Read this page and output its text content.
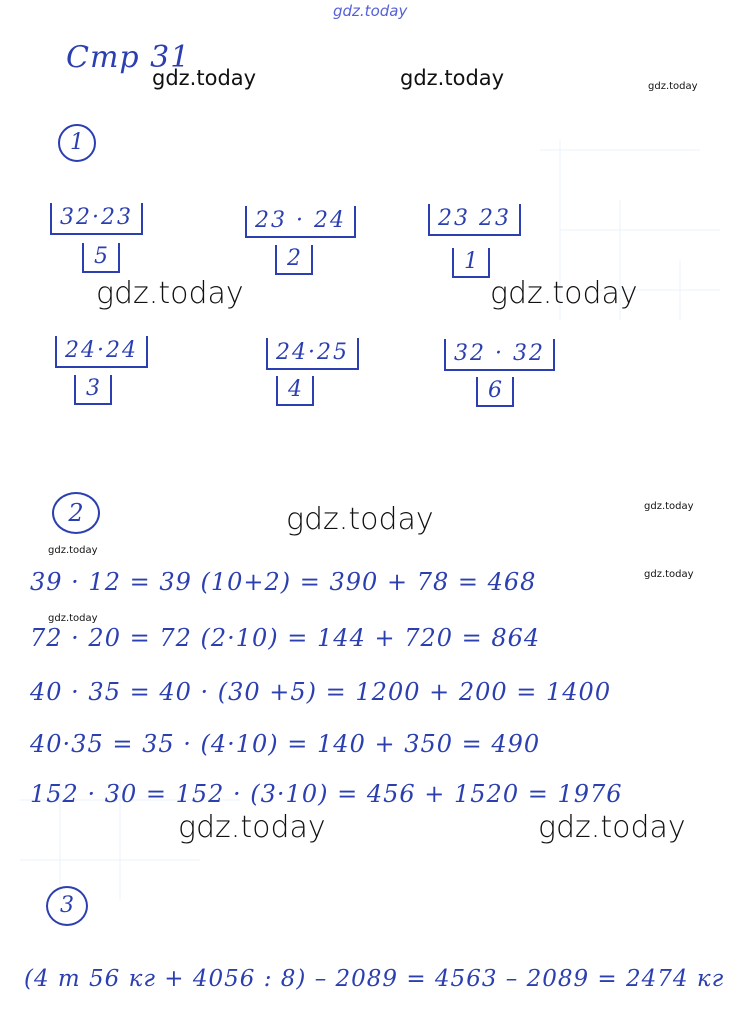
gdz.today
Стр 31
gdz.today	gdz.today	gdz.today
1
32·23
5
23 · 24
2
23 23
1
gdz.today	gdz.today
24·24
3
24·25
4
32 · 32
6
2	gdz.today	gdz.today
gdz.today
gdz.today
gdz.today
39 · 12 = 39 (10+2) = 390 + 78 = 468
72 · 20 = 72 (2·10) = 144 + 720 = 864
40 · 35 = 40 · (30 +5) = 1200 + 200 = 1400
40·35 = 35 · (4·10) = 140 + 350 = 490
152 · 30 = 152 · (3·10) = 456 + 1520 = 1976
gdz.today	gdz.today
3
(4 т 56 кг + 4056 : 8) – 2089 = 4563 – 2089 = 2474 кг
